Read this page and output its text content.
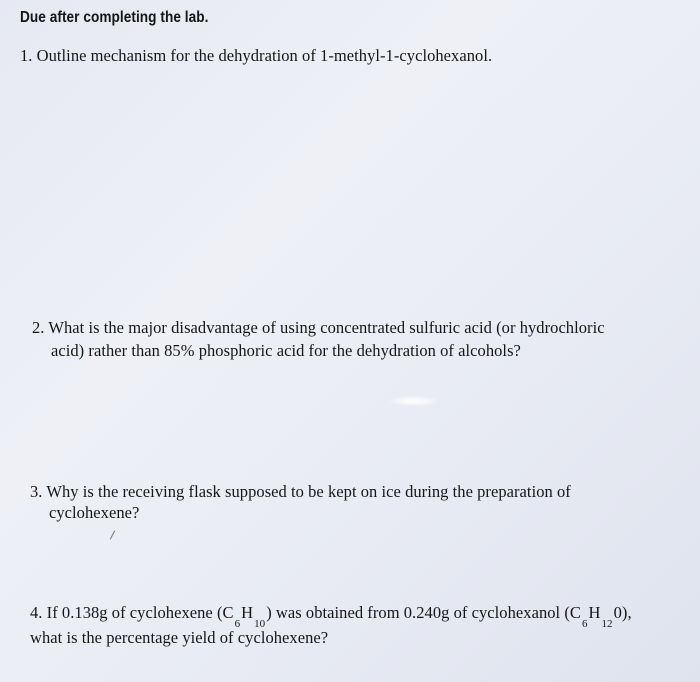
Due after completing the lab.
1. Outline mechanism for the dehydration of 1-methyl-1-cyclohexanol.
2. What is the major disadvantage of using concentrated sulfuric acid (or hydrochloric
acid) rather than 85% phosphoric acid for the dehydration of alcohols?
3. Why is the receiving flask supposed to be kept on ice during the preparation of
cyclohexene?
4. If 0.138g of cyclohexene $(C_6H_{10})$ was obtained from 0.240g of cyclohexanol $(C_6H_{12}0)$,
what is the percentage yield of cyclohexene?
